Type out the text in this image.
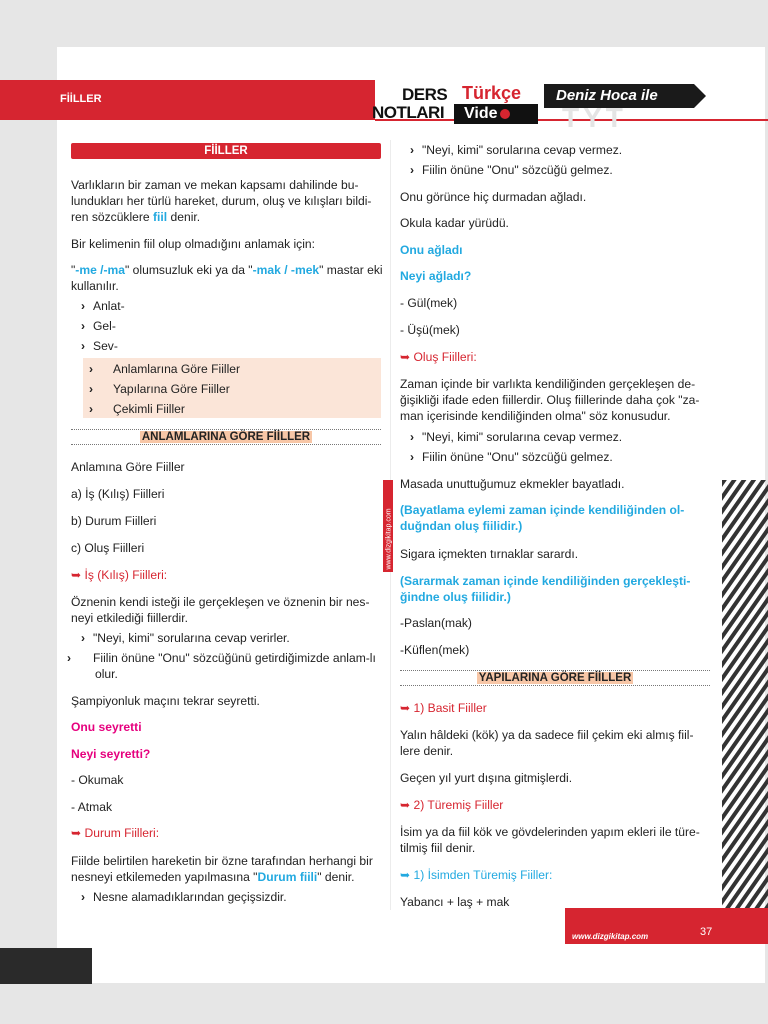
FİİLLER	DERS
NOTLARI
Türkçe
Vide
Deniz Hoca ile
TYT
FİİLLER

Varlıkların bir zaman ve mekan kapsamı dahilinde bu-lundukları her türlü hareket, durum, oluş ve kılışları bildi-ren sözcüklere fiil denir.

Bir kelimenin fiil olup olmadığını anlamak için:

"-me /-ma" olumsuzluk eki ya da "-mak / -mek" mastar eki kullanılır.

› Anlat-
› Gel-
› Sev-
› Anlamlarına Göre Fiiller
› Yapılarına Göre Fiiller
› Çekimli Fiiller
ANLAMLARINA GÖRE FİİLLER

Anlamına Göre Fiiller

a) İş (Kılış) Fiilleri

b) Durum Fiilleri

c) Oluş Fiilleri

➥ İş (Kılış) Fiilleri:

Öznenin kendi isteği ile gerçekleşen ve öznenin bir nes-neyi etkilediği fiillerdir.

› "Neyi, kimi" sorularına cevap verirler.
› Fiilin önüne "Onu" sözcüğünü getirdiğimizde anlam-lı olur.

Şampiyonluk maçını tekrar seyretti.

Onu seyretti

Neyi seyretti?

- Okumak

- Atmak

➥ Durum Fiilleri:

Fiilde belirtilen hareketin bir özne tarafından herhangi bir nesneyi etkilemeden yapılmasına "Durum fiili" denir.

› Nesne alamadıklarından geçişsizdir.
› "Neyi, kimi" sorularına cevap vermez.
› Fiilin önüne "Onu" sözcüğü gelmez.

Onu görünce hiç durmadan ağladı.

Okula kadar yürüdü.

Onu ağladı

Neyi ağladı?

- Gül(mek)

- Üşü(mek)

➥ Oluş Fiilleri:

Zaman içinde bir varlıkta kendiliğinden gerçekleşen de-ğişikliği ifade eden fiillerdir. Oluş fiillerinde daha çok "za-man içerisinde kendiliğinden olma" söz konusudur.

› "Neyi, kimi" sorularına cevap vermez.
› Fiilin önüne "Onu" sözcüğü gelmez.

Masada unuttuğumuz ekmekler bayatladı.

(Bayatlama eylemi zaman içinde kendiliğinden ol-duğndan oluş fiilidir.)

Sigara içmekten tırnaklar sarardı.

(Sararmak zaman içinde kendiliğinden gerçekleşti-ğindne oluş fiilidir.)

-Paslan(mak)

-Küflen(mek)

YAPILARINA GÖRE FİİLLER

➥ 1) Basit Fiiller

Yalın hâldeki (kök) ya da sadece fiil çekim eki almış fiil-lere denir.

Geçen yıl yurt dışına gitmişlerdi.

➥ 2) Türemiş Fiiller

İsim ya da fiil kök ve gövdelerinden yapım ekleri ile türe-tilmiş fiil denir.

➥ 1) İsimden Türemiş Fiiller:

Yabancı + laş + mak

www.dizgikitap.com
www.dizgikitap.com	37
